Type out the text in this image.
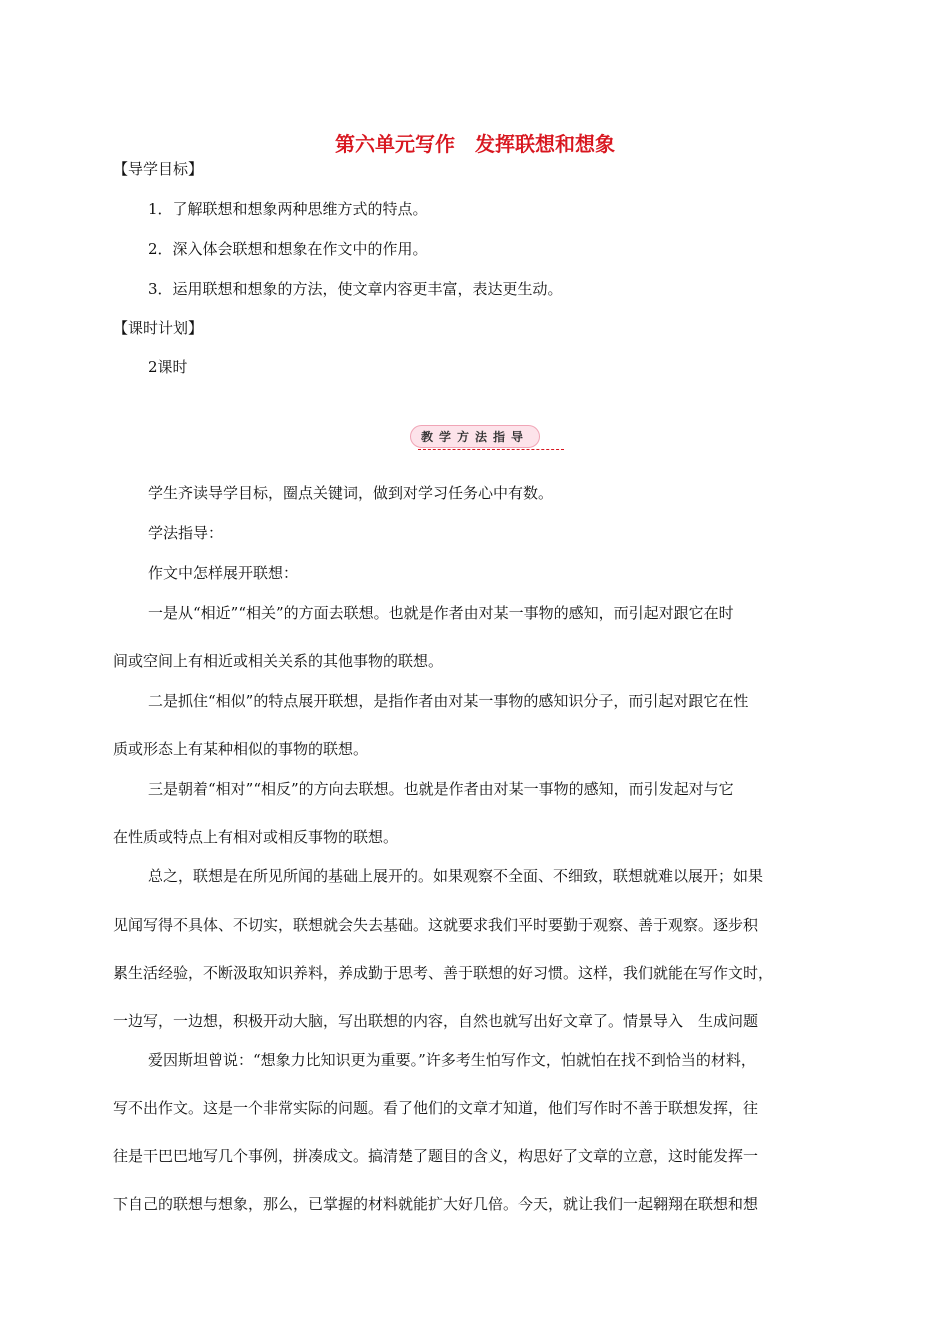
第六单元写作　发挥联想和想象
【导学目标】
1．了解联想和想象两种思维方式的特点。
2．深入体会联想和想象在作文中的作用。
3．运用联想和想象的方法，使文章内容更丰富，表达更生动。
【课时计划】
2课时
教学方法指导
学生齐读导学目标，圈点关键词，做到对学习任务心中有数。
学法指导：
作文中怎样展开联想：
一是从“相近”“相关”的方面去联想。也就是作者由对某一事物的感知，而引起对跟它在时
间或空间上有相近或相关关系的其他事物的联想。
二是抓住“相似”的特点展开联想，是指作者由对某一事物的感知识分子，而引起对跟它在性
质或形态上有某种相似的事物的联想。
三是朝着“相对”“相反”的方向去联想。也就是作者由对某一事物的感知，而引发起对与它
在性质或特点上有相对或相反事物的联想。
总之，联想是在所见所闻的基础上展开的。如果观察不全面、不细致，联想就难以展开；如果
见闻写得不具体、不切实，联想就会失去基础。这就要求我们平时要勤于观察、善于观察。逐步积
累生活经验，不断汲取知识养料，养成勤于思考、善于联想的好习惯。这样，我们就能在写作文时，
一边写，一边想，积极开动大脑，写出联想的内容，自然也就写出好文章了。情景导入　生成问题
爱因斯坦曾说：“想象力比知识更为重要。”许多考生怕写作文，怕就怕在找不到恰当的材料，
写不出作文。这是一个非常实际的问题。看了他们的文章才知道，他们写作时不善于联想发挥，往
往是干巴巴地写几个事例，拼凑成文。搞清楚了题目的含义，构思好了文章的立意，这时能发挥一
下自己的联想与想象，那么，已掌握的材料就能扩大好几倍。今天，就让我们一起翱翔在联想和想
